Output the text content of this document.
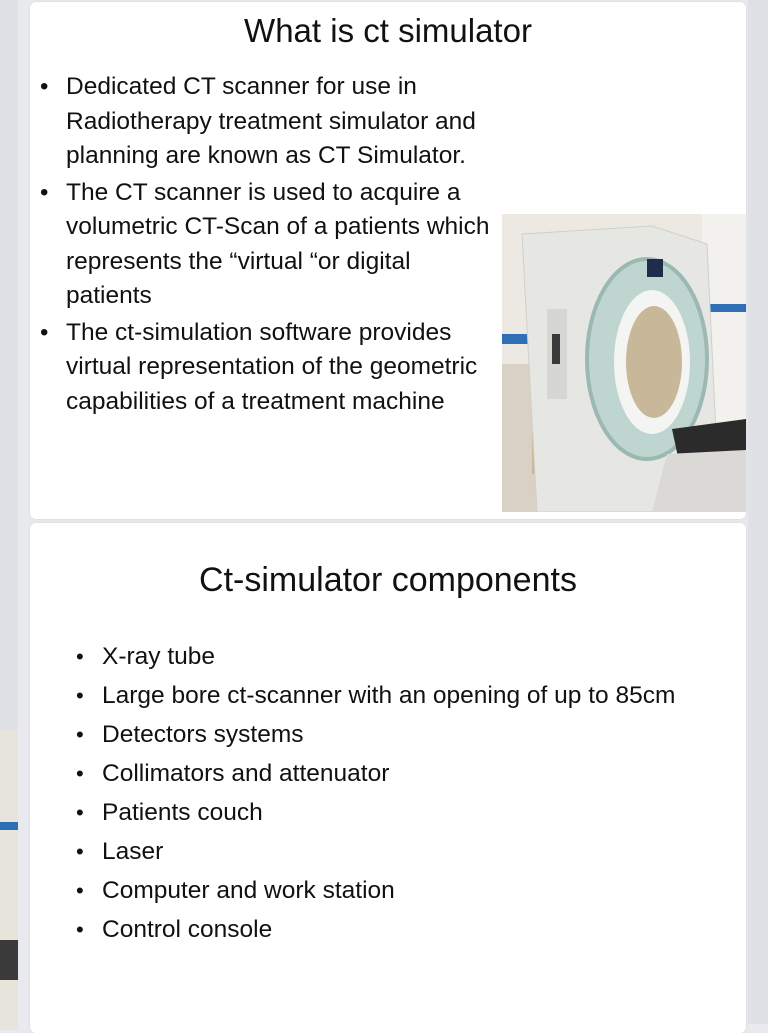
What is ct simulator
• Dedicated CT scanner for use in Radiotherapy treatment simulator and planning are known as CT Simulator.
• The CT scanner is used to acquire a volumetric CT-Scan of a patients which represents the “virtual “or digital patients
• The ct-simulation software provides virtual representation of the geometric capabilities of a treatment machine
Ct-simulator components
• X-ray tube
• Large bore ct-scanner with an opening of up to 85cm
• Detectors systems
• Collimators and attenuator
• Patients couch
• Laser
• Computer and work station
• Control console
